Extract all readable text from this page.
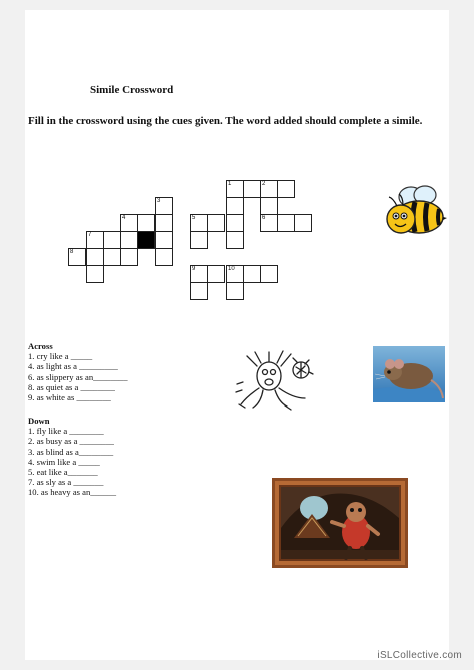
Simile Crossword
Fill in the crossword using the cues given. The word added should complete a simile.
1	2
3
4	5	6
7
8
9	10
Across
1. cry like a _____
4. as light as a _________
6. as slippery as an________
8. as quiet as a ________
9. as white as ________
Down
1. fly like a ________
2. as busy as a ________
3. as blind as a________
4. swim like a _____
5. eat like a_______
7. as sly as a _______
10. as heavy as an______
iSLCollective.com
